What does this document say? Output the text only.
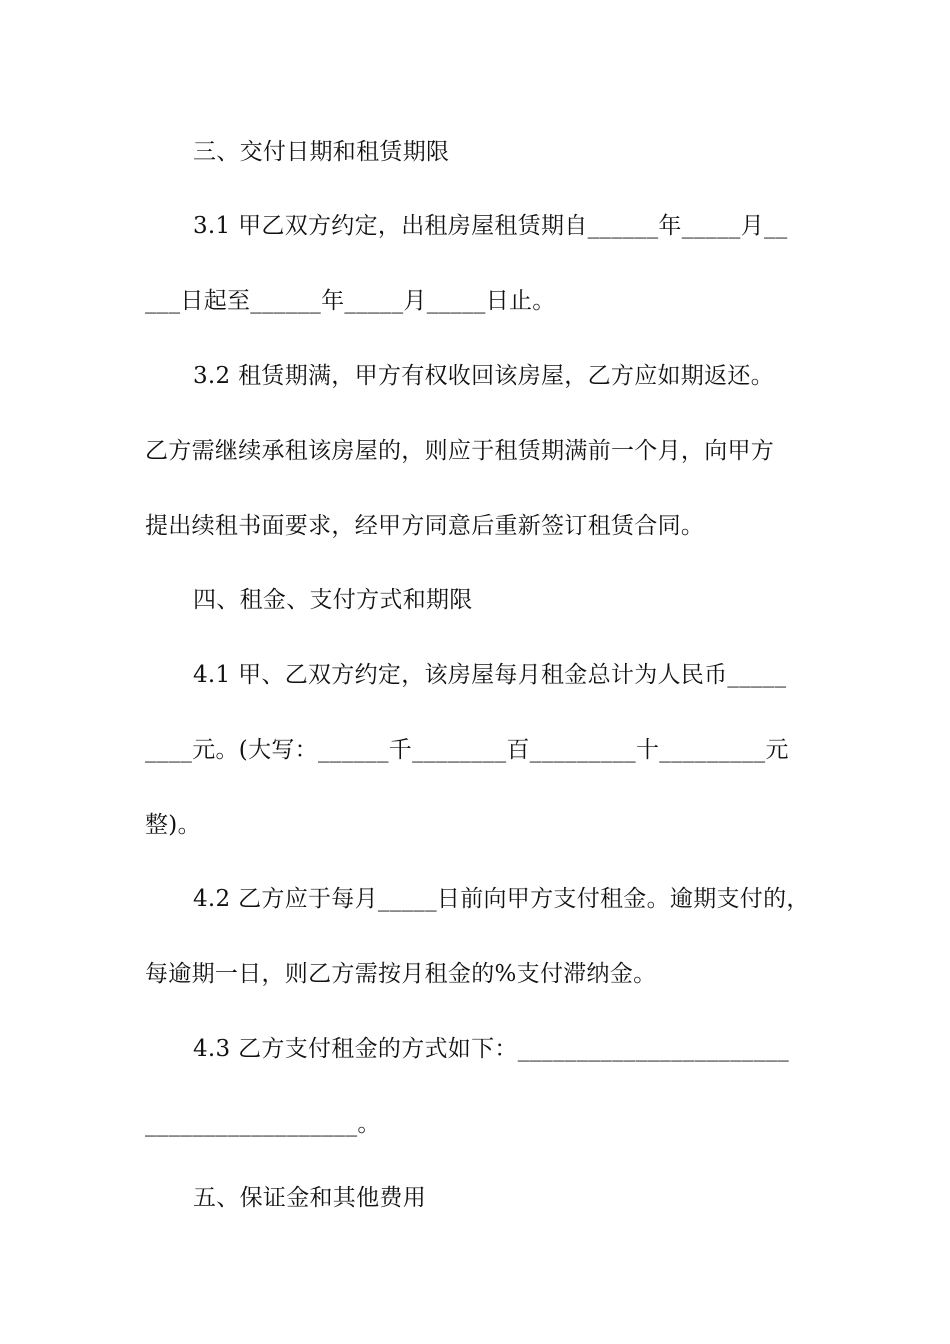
三、交付日期和租赁期限
3.1 甲乙双方约定，出租房屋租赁期自______年_____月__
___日起至______年_____月_____日止。
3.2 租赁期满，甲方有权收回该房屋，乙方应如期返还。
乙方需继续承租该房屋的，则应于租赁期满前一个月，向甲方
提出续租书面要求，经甲方同意后重新签订租赁合同。
四、租金、支付方式和期限
4.1 甲、乙双方约定，该房屋每月租金总计为人民币_____
____元。(大写：______千________百_________十_________元
整)。
4.2 乙方应于每月_____日前向甲方支付租金。逾期支付的，
每逾期一日，则乙方需按月租金的%支付滞纳金。
4.3 乙方支付租金的方式如下：_______________________
__________________。
五、保证金和其他费用
